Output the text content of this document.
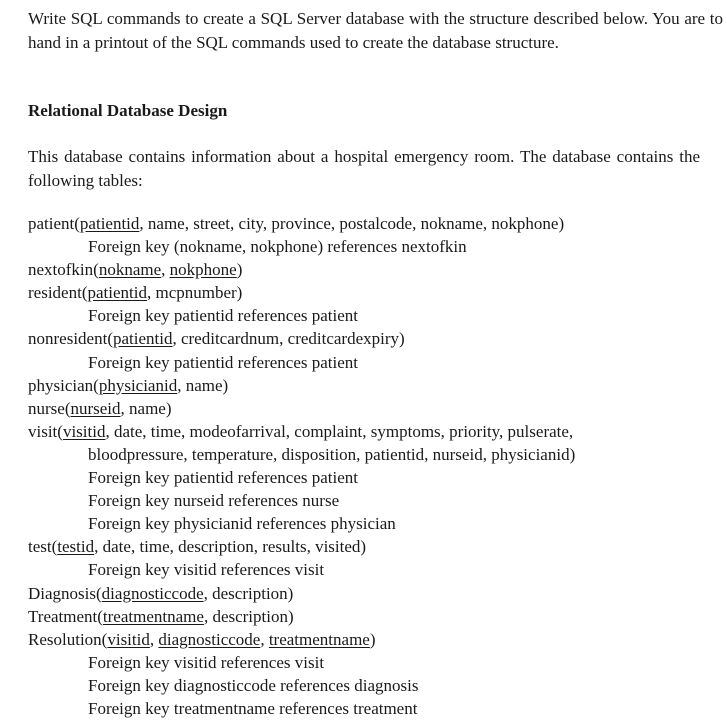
Write SQL commands to create a SQL Server database with the structure described below. You are to hand in a printout of the SQL commands used to create the database structure.
Relational Database Design
This database contains information about a hospital emergency room. The database contains the following tables:
patient(patientid, name, street, city, province, postalcode, nokname, nokphone)
Foreign key (nokname, nokphone) references nextofkin
nextofkin(nokname, nokphone)
resident(patientid, mcpnumber)
Foreign key patientid references patient
nonresident(patientid, creditcardnum, creditcardexpiry)
Foreign key patientid references patient
physician(physicianid, name)
nurse(nurseid, name)
visit(visitid, date, time, modeofarrival, complaint, symptoms, priority, pulserate,
bloodpressure, temperature, disposition, patientid, nurseid, physicianid)
Foreign key patientid references patient
Foreign key nurseid references nurse
Foreign key physicianid references physician
test(testid, date, time, description, results, visited)
Foreign key visitid references visit
Diagnosis(diagnosticcode, description)
Treatment(treatmentname, description)
Resolution(visitid, diagnosticcode, treatmentname)
Foreign key visitid references visit
Foreign key diagnosticcode references diagnosis
Foreign key treatmentname references treatment
